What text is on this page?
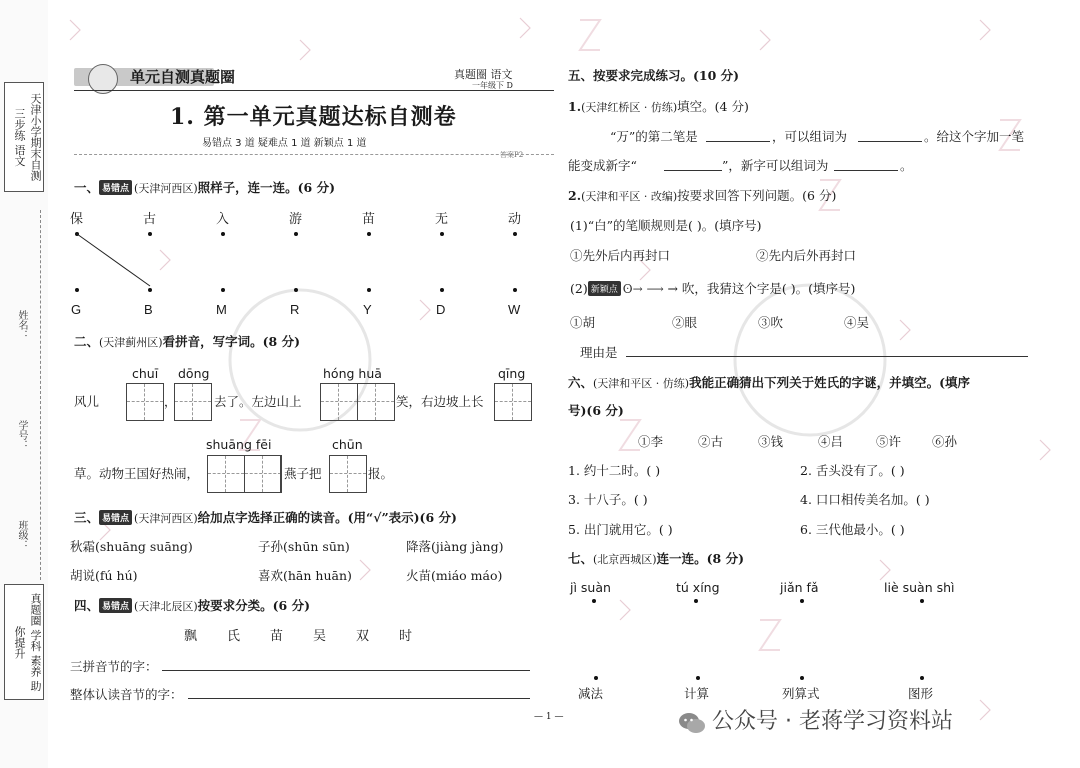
天津小学期末自测 三步练 语文
真题圈 学科 素养 助你提升
姓名：
学号：
班级：
单元自测真题圈	真题圈 语文
一年级下 D
1. 第一单元真题达标自测卷
易错点 3 道 疑难点 1 道 新颖点 1 道
答案P2
一、 易错点 (天津河西区)照样子，连一连。(6 分)
保	古	入	游	苗	无	动
G	B	M	R	Y	D	W
二、(天津蓟州区)看拼音，写字词。(8 分)
chuī dōng	hóng huā	qīng
风儿	，	去了。左边山上	笑，右边坡上长
shuāng fēi	chūn
草。动物王国好热闹，	燕子把	报。
三、 易错点 (天津河西区)给加点字选择正确的读音。(用“√”表示)(6 分)
秋霜(shuāng suāng)	子孙(shūn sūn)	降落(jiàng jàng)
胡说(fú hú)	喜欢(hān huān)	火苗(miáo máo)
四、 易错点 (天津北辰区)按要求分类。(6 分)
飘 氏 苗 吴 双 时
三拼音节的字：
整体认读音节的字：
— 1 —
五、按要求完成练习。(10 分)
1.(天津红桥区 · 仿练)填空。(4 分)
“万”的第二笔是	，可以组词为	。给这个字加一笔
能变成新字“	”，新字可以组词为	。
2.(天津和平区 · 改编)按要求回答下列问题。(6 分)
(1)“白”的笔顺规则是( )。(填序号)
①先外后内再封口	②先内后外再封口
(2) 新颖点 ʘ→ ⟶ → 吹，我猜这个字是( )。(填序号)
①胡	②眼	③吹	④吴
理由是
六、(天津和平区 · 仿练)我能正确猜出下列关于姓氏的字谜，并填空。(填序
号)(6 分)
①李	②古	③钱	④吕	⑤许 ⑥孙
1. 约十二时。( )	2. 舌头没有了。( )
3. 十八子。( )	4. 口口相传美名加。( )
5. 出门就用它。( )	6. 三代他最小。( )
七、(北京西城区)连一连。(8 分)
jì suàn	tú xíng	jiǎn fǎ	liè suàn shì
减法	计算	列算式	图形
公众号 · 老蒋学习资料站
